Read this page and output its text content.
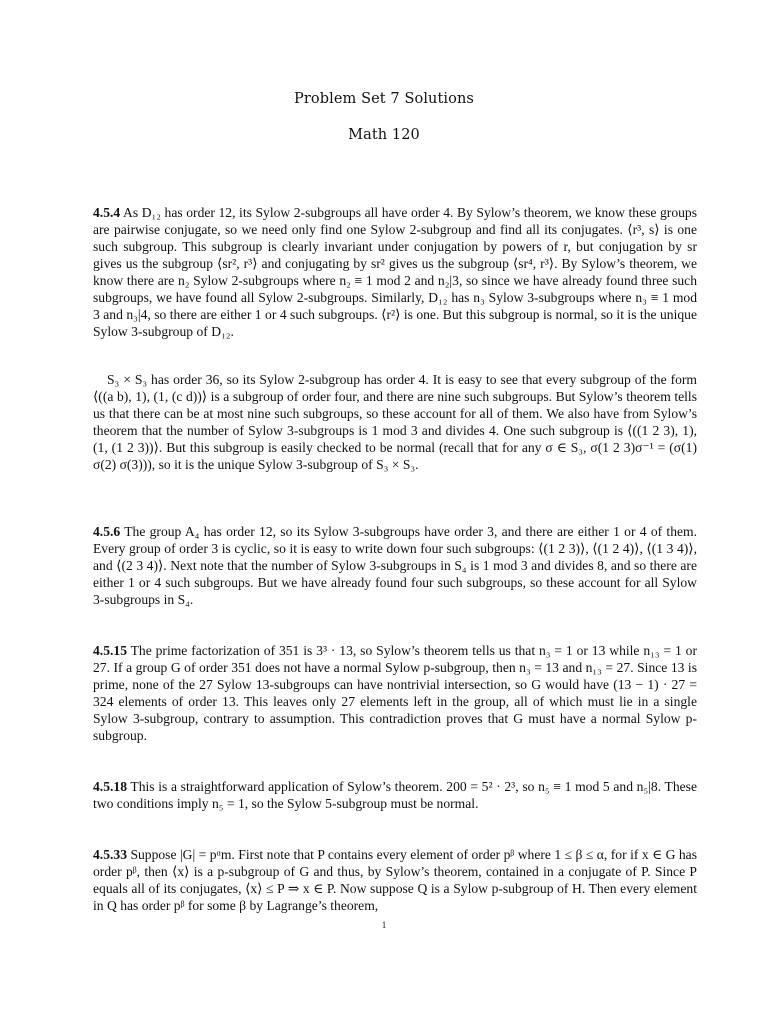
Problem Set 7 Solutions
Math 120

4.5.4 As D₁₂ has order 12, its Sylow 2-subgroups all have order 4. By Sylow’s theorem, we know these groups are pairwise conjugate, so we need only find one Sylow 2-subgroup and find all its conjugates. ⟨r³, s⟩ is one such subgroup. This subgroup is clearly invariant under conjugation by powers of r, but conjugation by sr gives us the subgroup ⟨sr², r³⟩ and conjugating by sr² gives us the subgroup ⟨sr⁴, r³⟩. By Sylow’s theorem, we know there are n₂ Sylow 2-subgroups where n₂ ≡ 1 mod 2 and n₂|3, so since we have already found three such subgroups, we have found all Sylow 2-subgroups. Similarly, D₁₂ has n₃ Sylow 3-subgroups where n₃ ≡ 1 mod 3 and n₃|4, so there are either 1 or 4 such subgroups. ⟨r²⟩ is one. But this subgroup is normal, so it is the unique Sylow 3-subgroup of D₁₂.

S₃ × S₃ has order 36, so its Sylow 2-subgroup has order 4. It is easy to see that every subgroup of the form ⟨((a b), 1), (1, (c d))⟩ is a subgroup of order four, and there are nine such subgroups. But Sylow’s theorem tells us that there can be at most nine such subgroups, so these account for all of them. We also have from Sylow’s theorem that the number of Sylow 3-subgroups is 1 mod 3 and divides 4. One such subgroup is ⟨((1 2 3), 1), (1, (1 2 3))⟩. But this subgroup is easily checked to be normal (recall that for any σ ∈ S₃, σ(1 2 3)σ⁻¹ = (σ(1) σ(2) σ(3))), so it is the unique Sylow 3-subgroup of S₃ × S₃.

4.5.6 The group A₄ has order 12, so its Sylow 3-subgroups have order 3, and there are either 1 or 4 of them. Every group of order 3 is cyclic, so it is easy to write down four such subgroups: ⟨(1 2 3)⟩, ⟨(1 2 4)⟩, ⟨(1 3 4)⟩, and ⟨(2 3 4)⟩. Next note that the number of Sylow 3-subgroups in S₄ is 1 mod 3 and divides 8, and so there are either 1 or 4 such subgroups. But we have already found four such subgroups, so these account for all Sylow 3-subgroups in S₄.

4.5.15 The prime factorization of 351 is 3³ · 13, so Sylow’s theorem tells us that n₃ = 1 or 13 while n₁₃ = 1 or 27. If a group G of order 351 does not have a normal Sylow p-subgroup, then n₃ = 13 and n₁₃ = 27. Since 13 is prime, none of the 27 Sylow 13-subgroups can have nontrivial intersection, so G would have (13 − 1) · 27 = 324 elements of order 13. This leaves only 27 elements left in the group, all of which must lie in a single Sylow 3-subgroup, contrary to assumption. This contradiction proves that G must have a normal Sylow p-subgroup.

4.5.18 This is a straightforward application of Sylow’s theorem. 200 = 5² · 2³, so n₅ ≡ 1 mod 5 and n₅|8. These two conditions imply n₅ = 1, so the Sylow 5-subgroup must be normal.

4.5.33 Suppose |G| = pᵅm. First note that P contains every element of order pᵝ where 1 ≤ β ≤ α, for if x ∈ G has order pᵝ, then ⟨x⟩ is a p-subgroup of G and thus, by Sylow’s theorem, contained in a conjugate of P. Since P equals all of its conjugates, ⟨x⟩ ≤ P ⇒ x ∈ P. Now suppose Q is a Sylow p-subgroup of H. Then every element in Q has order pᵝ for some β by Lagrange’s theorem,

1
